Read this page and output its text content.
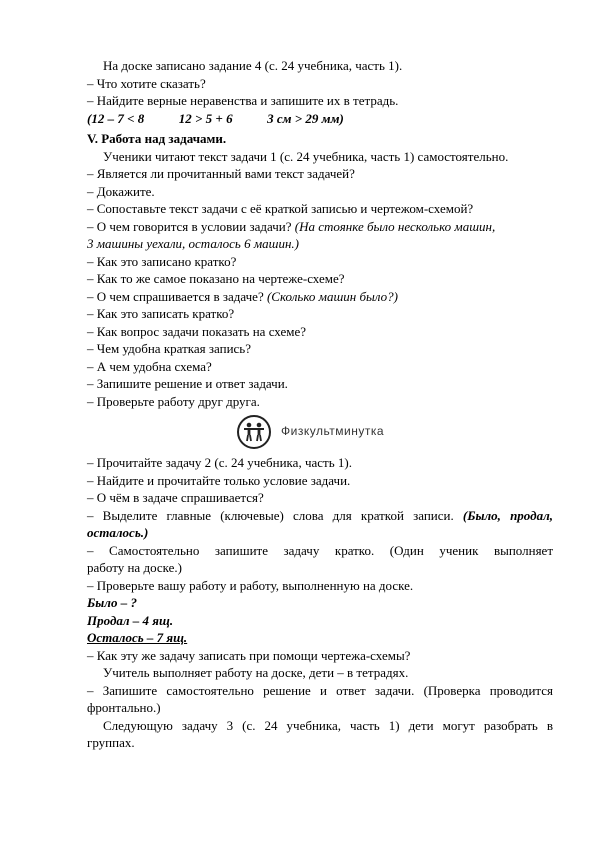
На доске записано задание 4 (с. 24 учебника, часть 1).
– Что хотите сказать?
– Найдите верные неравенства и запишите их в тетрадь.
(12 – 7 < 8	12 > 5 + 6	3 см > 29 мм)
V. Работа над задачами.
Ученики читают текст задачи 1 (с. 24 учебника, часть 1) самостоятельно.
– Является ли прочитанный вами текст задачей?
– Докажите.
– Сопоставьте текст задачи с её краткой записью и чертежом-схемой?
– О чем говорится в условии задачи? (На стоянке было несколько машин,
3 машины уехали, осталось 6 машин.)
– Как это записано кратко?
– Как то же самое показано на чертеже-схеме?
– О чем спрашивается в задаче? (Сколько машин было?)
– Как это записать кратко?
– Как вопрос задачи показать на схеме?
– Чем удобна краткая запись?
– А чем удобна схема?
– Запишите решение и ответ задачи.
– Проверьте работу друг друга.
Физкультминутка
– Прочитайте задачу 2 (с. 24 учебника, часть 1).
– Найдите и прочитайте только условие задачи.
– О чём в задаче спрашивается?
– Выделите главные (ключевые) слова для краткой записи. (Было, продал,
осталось.)
– Самостоятельно запишите задачу кратко. (Один ученик выполняет
работу на доске.)
– Проверьте вашу работу и работу, выполненную на доске.
Было – ?
Продал – 4 ящ.
Осталось – 7 ящ.
– Как эту же задачу записать при помощи чертежа-схемы?
Учитель выполняет работу на доске, дети – в тетрадях.
– Запишите самостоятельно решение и ответ задачи. (Проверка проводится
фронтально.)
Следующую задачу 3 (с. 24 учебника, часть 1) дети могут разобрать в
группах.
